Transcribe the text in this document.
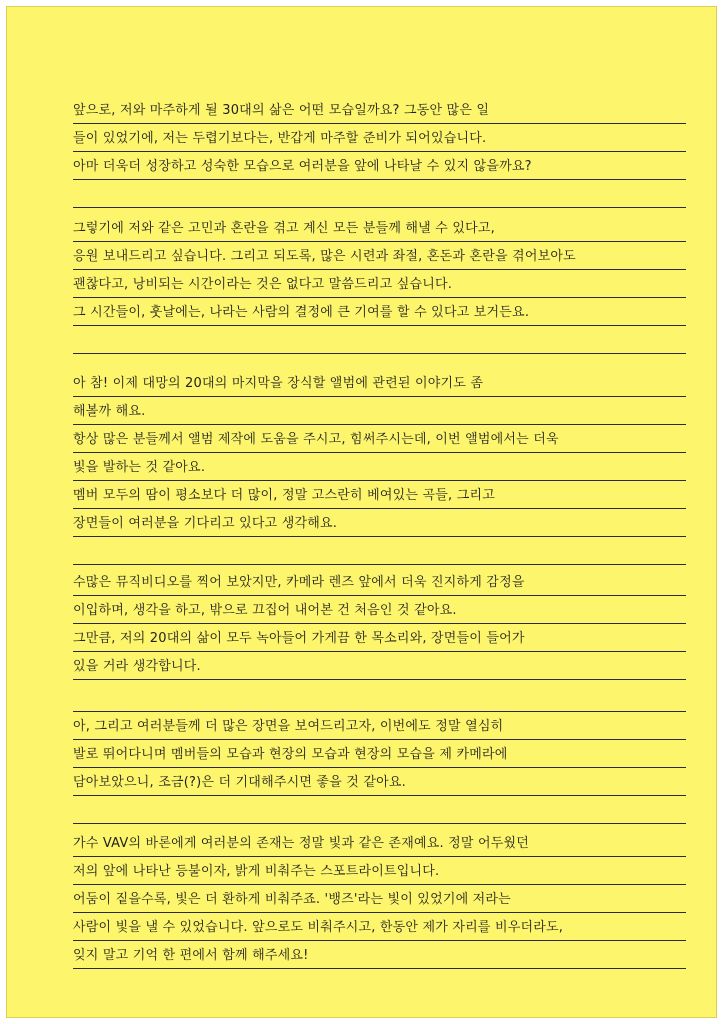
앞으로, 저와 마주하게 될 30대의 삶은 어떤 모습일까요? 그동안 많은 일
들이 있었기에, 저는 두렵기보다는, 반갑게 마주할 준비가 되어있습니다.
아마 더욱더 성장하고 성숙한 모습으로 여러분을 앞에 나타날 수 있지 않을까요?
그렇기에 저와 같은 고민과 혼란을 겪고 계신 모든 분들께 해낼 수 있다고,
응원 보내드리고 싶습니다. 그리고 되도록, 많은 시련과 좌절, 혼돈과 혼란을 겪어보아도
괜찮다고, 낭비되는 시간이라는 것은 없다고 말씀드리고 싶습니다.
그 시간들이, 훗날에는, 나라는 사람의 결정에 큰 기여를 할 수 있다고 보거든요.
아 참! 이제 대망의 20대의 마지막을 장식할 앨범에 관련된 이야기도 좀
해볼까 해요.
항상 많은 분들께서 앨범 제작에 도움을 주시고, 힘써주시는데, 이번 앨범에서는 더욱
빛을 발하는 것 같아요.
멤버 모두의 땀이 평소보다 더 많이, 정말 고스란히 베여있는 곡들, 그리고
장면들이 여러분을 기다리고 있다고 생각해요.
수많은 뮤직비디오를 찍어 보았지만, 카메라 렌즈 앞에서 더욱 진지하게 감정을
이입하며, 생각을 하고, 밖으로 끄집어 내어본 건 처음인 것 같아요.
그만큼, 저의 20대의 삶이 모두 녹아들어 가게끔 한 목소리와, 장면들이 들어가
있을 거라 생각합니다.
아, 그리고 여러분들께 더 많은 장면을 보여드리고자, 이번에도 정말 열심히
발로 뛰어다니며 멤버들의 모습과 현장의 모습과 현장의 모습을 제 카메라에
담아보았으니, 조금(?)은 더 기대해주시면 좋을 것 같아요.
가수 VAV의 바론에게 여러분의 존재는 정말 빛과 같은 존재예요. 정말 어두웠던
저의 앞에 나타난 등불이자, 밝게 비춰주는 스포트라이트입니다.
어둠이 짙을수록, 빛은 더 환하게 비춰주죠. '뱅즈'라는 빛이 있었기에 저라는
사람이 빛을 낼 수 있었습니다. 앞으로도 비춰주시고, 한동안 제가 자리를 비우더라도,
잊지 말고 기억 한 편에서 함께 해주세요!
